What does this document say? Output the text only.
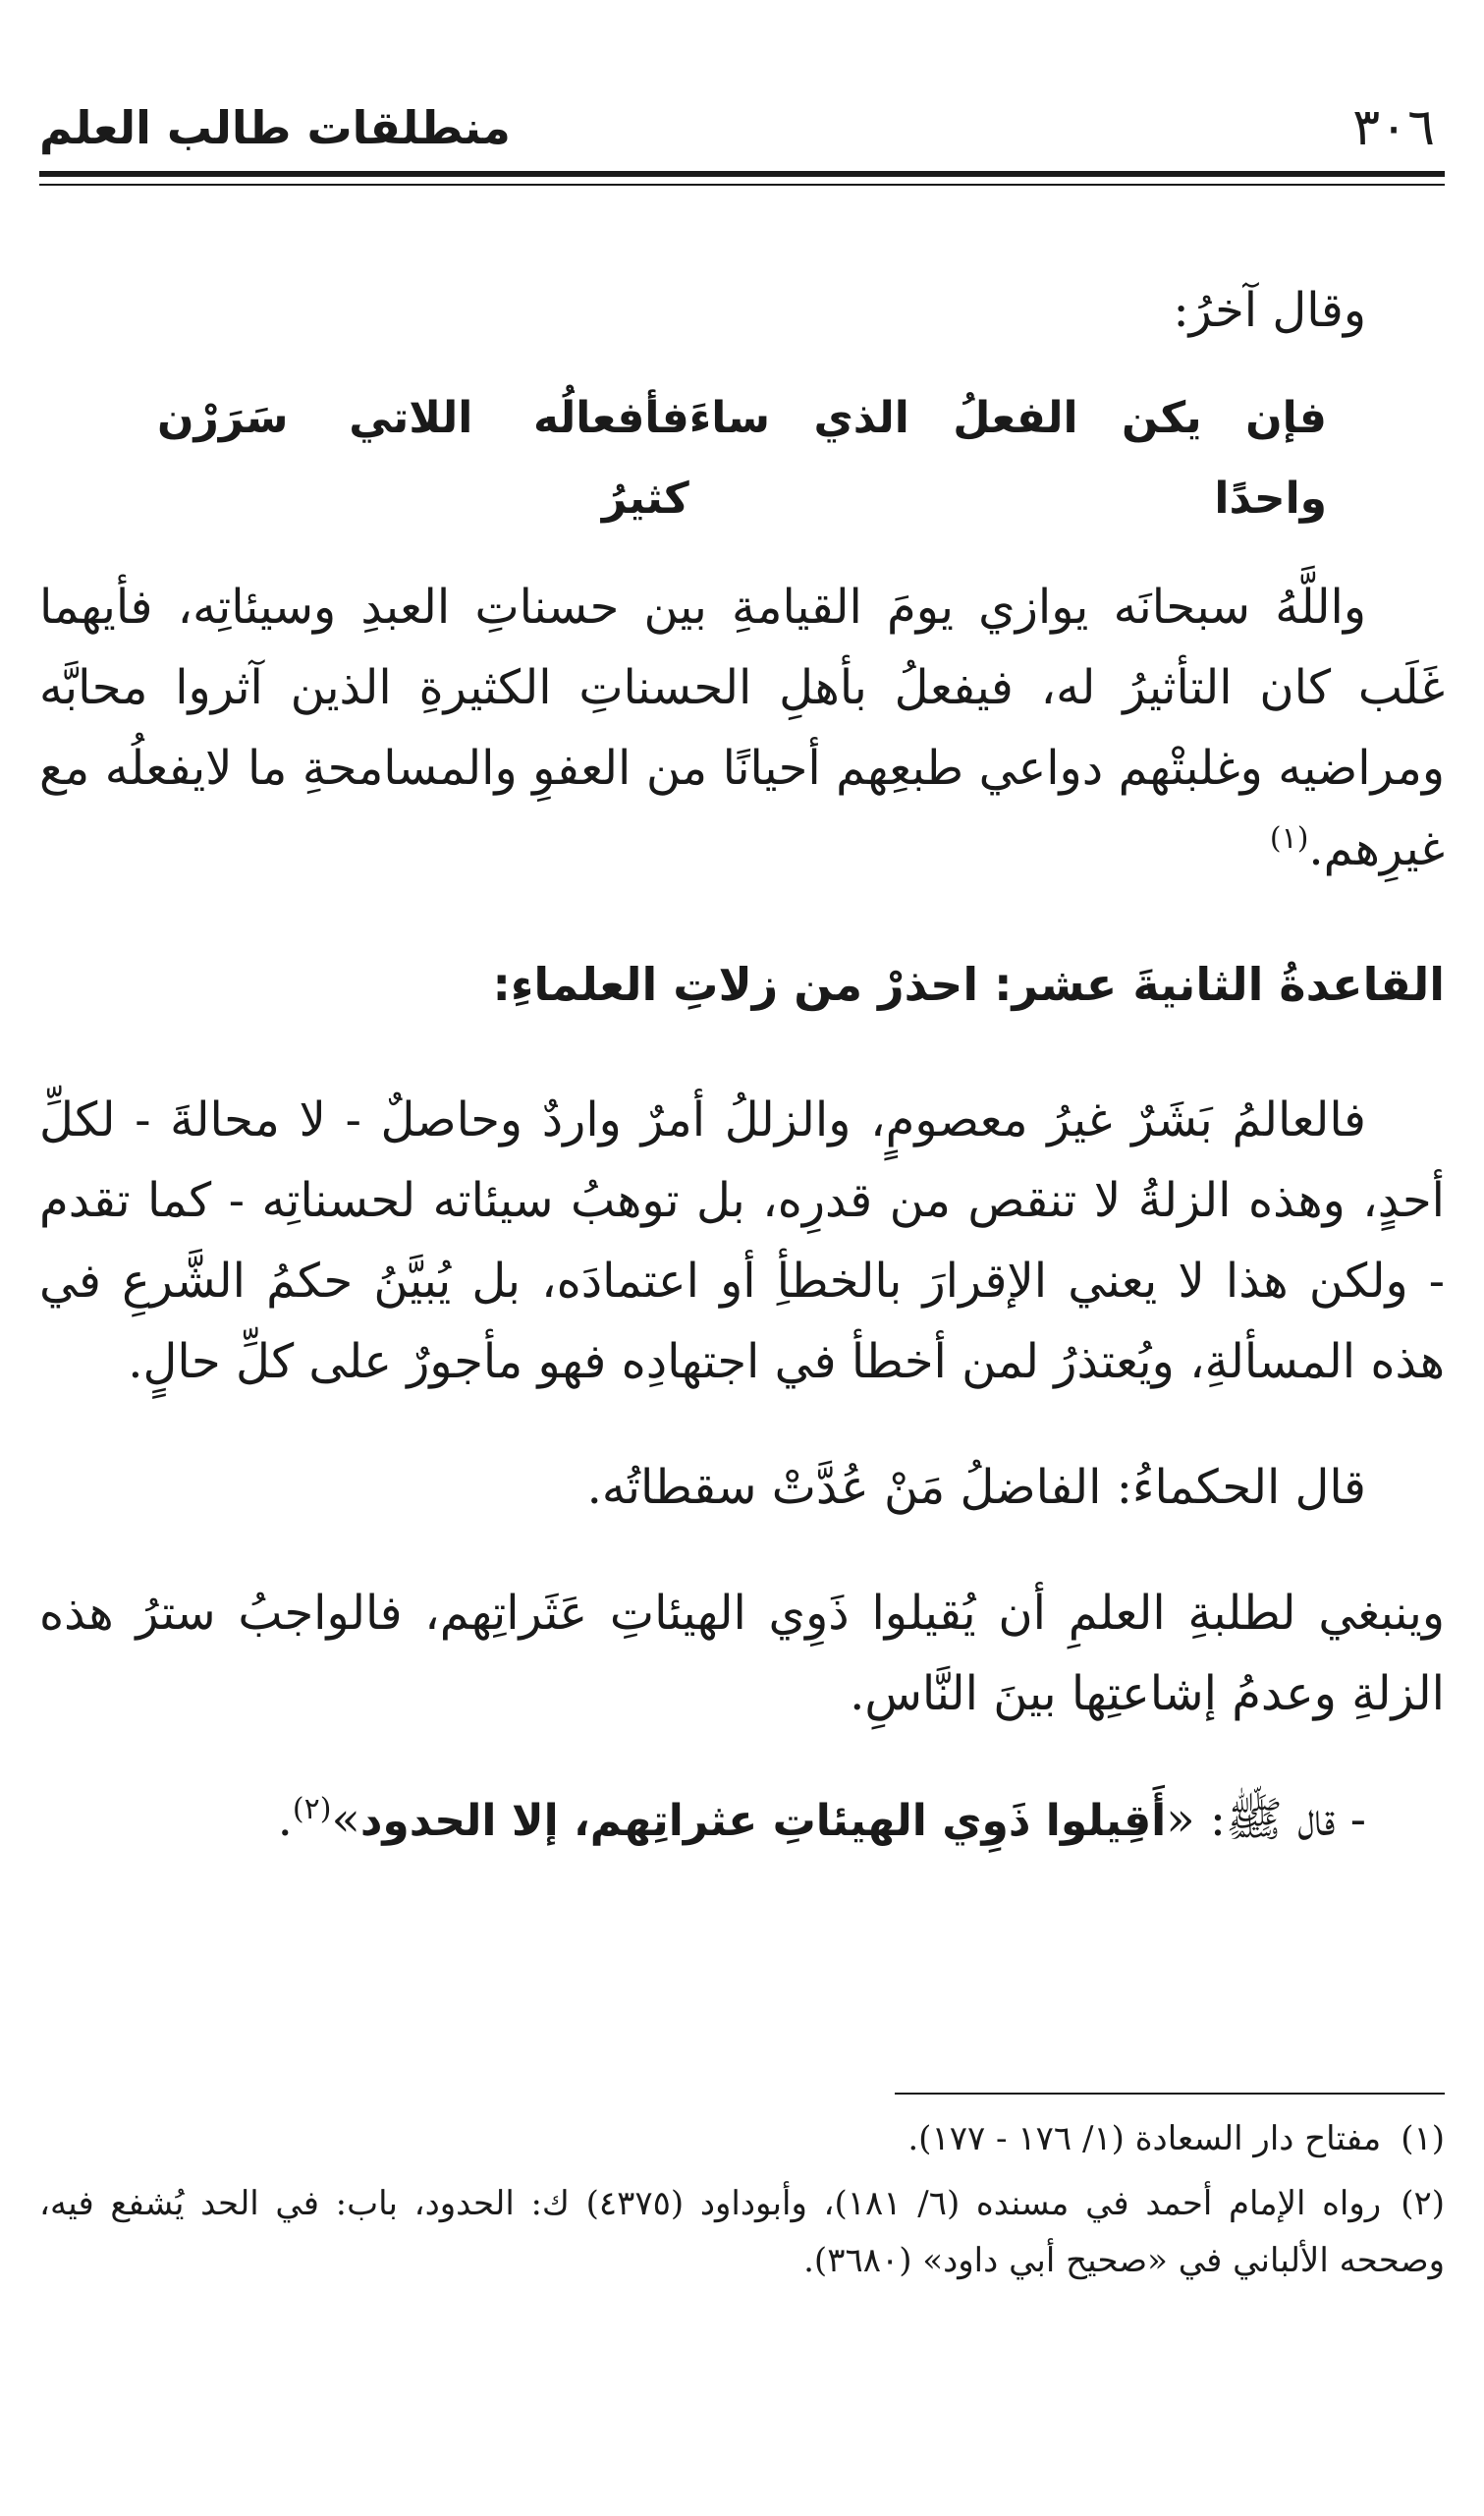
٣٠٦
منطلقات طالب العلم

وقال آخرُ:

فإن يكن الفعلُ الذي ساءَ واحدًا
فأفعالُه اللاتي سَرَرْن كثيرُ

واللَّهُ سبحانَه يوازي يومَ القيامةِ بين حسناتِ العبدِ وسيئاتِه، فأيهما غَلَب كان التأثيرُ له، فيفعلُ بأهلِ الحسناتِ الكثيرةِ الذين آثروا محابَّه ومراضيه وغلبتْهم دواعي طبعِهم أحيانًا من العفوِ والمسامحةِ ما لايفعلُه مع غيرِهم.$^{(١)}$

القاعدةُ الثانيةَ عشر: احذرْ من زلاتِ العلماءِ:

فالعالمُ بَشَرٌ غيرُ معصومٍ، والزللُ أمرٌ واردٌ وحاصلٌ - لا محالةَ - لكلِّ أحدٍ، وهذه الزلةُ لا تنقص من قدرِه، بل توهبُ سيئاته لحسناتِه - كما تقدم - ولكن هذا لا يعني الإقرارَ بالخطأِ أو اعتمادَه، بل يُبيَّنُ حكمُ الشَّرعِ في هذه المسألةِ، ويُعتذرُ لمن أخطأ في اجتهادِه فهو مأجورٌ على كلِّ حالٍ.

قال الحكماءُ: الفاضلُ مَنْ عُدَّتْ سقطاتُه.

وينبغي لطلبةِ العلمِ أن يُقيلوا ذَوِي الهيئاتِ عَثَراتِهم، فالواجبُ سترُ هذه الزلةِ وعدمُ إشاعتِها بينَ النَّاسِ.

- قال ﷺ: «أَقِيلوا ذَوِي الهيئاتِ عثراتِهم، إلا الحدود»$^{(٢)}$.

(١)مفتاح دار السعادة (١/ ١٧٦ - ١٧٧).

(٢)رواه الإمام أحمد في مسنده (٦/ ١٨١)، وأبوداود (٤٣٧٥) ك: الحدود، باب: في الحد يُشفع فيه، وصححه الألباني في «صحيح أبي داود» (٣٦٨٠).
